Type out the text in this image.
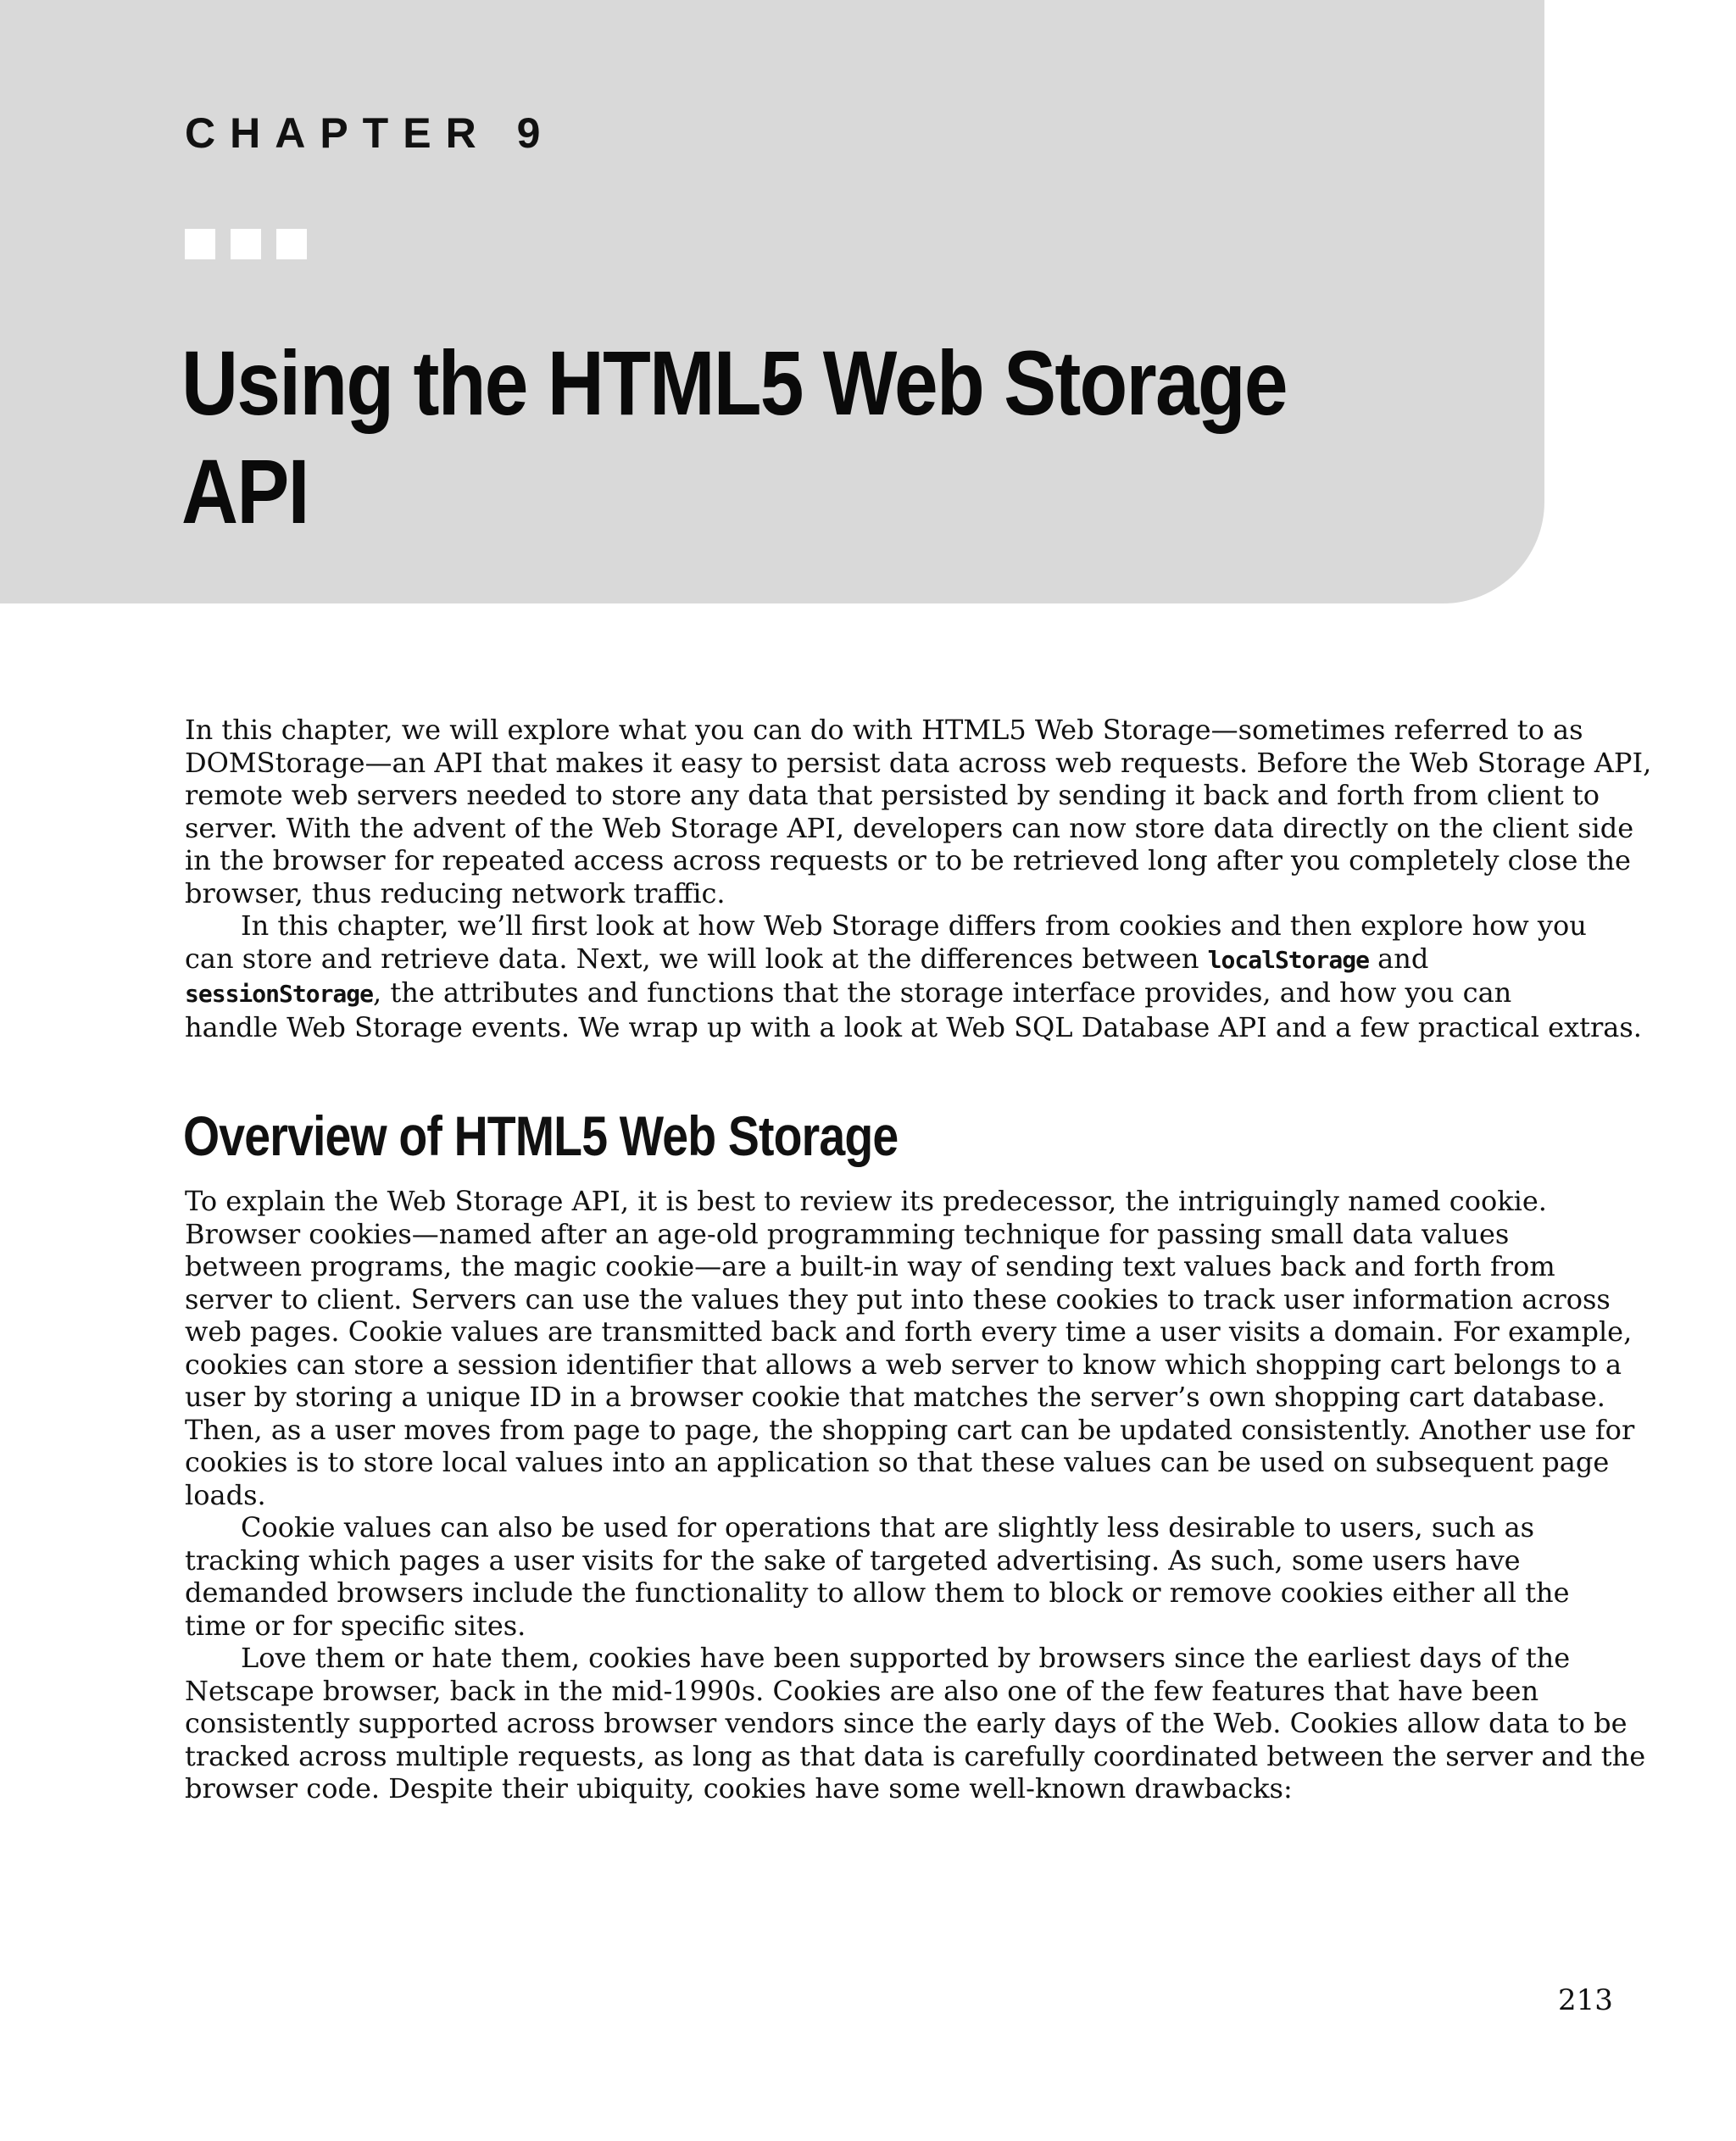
CHAPTER 9

Using the HTML5 Web Storage
API
In this chapter, we will explore what you can do with HTML5 Web Storage—sometimes referred to as
DOMStorage—an API that makes it easy to persist data across web requests. Before the Web Storage API,
remote web servers needed to store any data that persisted by sending it back and forth from client to
server. With the advent of the Web Storage API, developers can now store data directly on the client side
in the browser for repeated access across requests or to be retrieved long after you completely close the
browser, thus reducing network traffic.
In this chapter, we’ll first look at how Web Storage differs from cookies and then explore how you
can store and retrieve data. Next, we will look at the differences between localStorage and
sessionStorage, the attributes and functions that the storage interface provides, and how you can
handle Web Storage events. We wrap up with a look at Web SQL Database API and a few practical extras.
Overview of HTML5 Web Storage
To explain the Web Storage API, it is best to review its predecessor, the intriguingly named cookie.
Browser cookies—named after an age-old programming technique for passing small data values
between programs, the magic cookie—are a built-in way of sending text values back and forth from
server to client. Servers can use the values they put into these cookies to track user information across
web pages. Cookie values are transmitted back and forth every time a user visits a domain. For example,
cookies can store a session identifier that allows a web server to know which shopping cart belongs to a
user by storing a unique ID in a browser cookie that matches the server’s own shopping cart database.
Then, as a user moves from page to page, the shopping cart can be updated consistently. Another use for
cookies is to store local values into an application so that these values can be used on subsequent page
loads.
Cookie values can also be used for operations that are slightly less desirable to users, such as
tracking which pages a user visits for the sake of targeted advertising. As such, some users have
demanded browsers include the functionality to allow them to block or remove cookies either all the
time or for specific sites.
Love them or hate them, cookies have been supported by browsers since the earliest days of the
Netscape browser, back in the mid-1990s. Cookies are also one of the few features that have been
consistently supported across browser vendors since the early days of the Web. Cookies allow data to be
tracked across multiple requests, as long as that data is carefully coordinated between the server and the
browser code. Despite their ubiquity, cookies have some well-known drawbacks:

213
